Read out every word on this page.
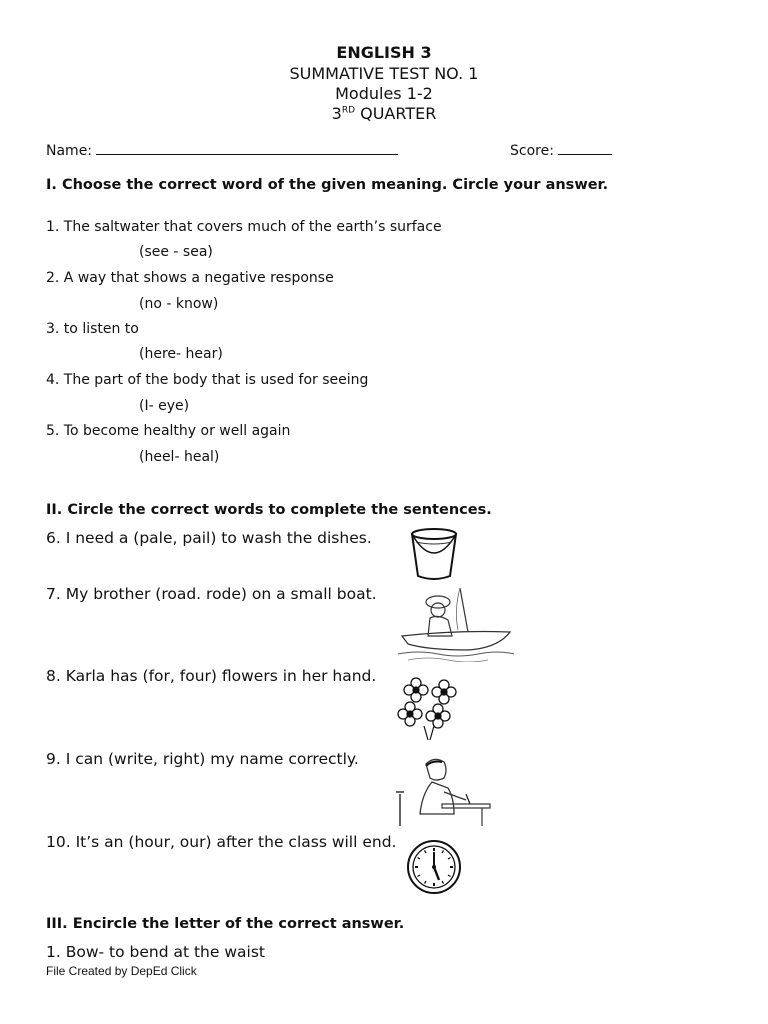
ENGLISH 3
SUMMATIVE TEST NO. 1
Modules 1-2
3RD QUARTER
Name:	Score:
I. Choose the correct word of the given meaning. Circle your answer.
1. The saltwater that covers much of the earth’s surface
(see - sea)
2. A way that shows a negative response
(no - know)
3. to listen to
(here- hear)
4. The part of the body that is used for seeing
(I- eye)
5. To become healthy or well again
(heel- heal)
II. Circle the correct words to complete the sentences.
6. I need a (pale, pail) to wash the dishes.
7. My brother (road. rode) on a small boat.
8. Karla has (for, four) flowers in her hand.
9. I can (write, right) my name correctly.
10. It’s an (hour, our) after the class will end.
III. Encircle the letter of the correct answer.
1. Bow- to bend at the waist
File Created by DepEd Click
